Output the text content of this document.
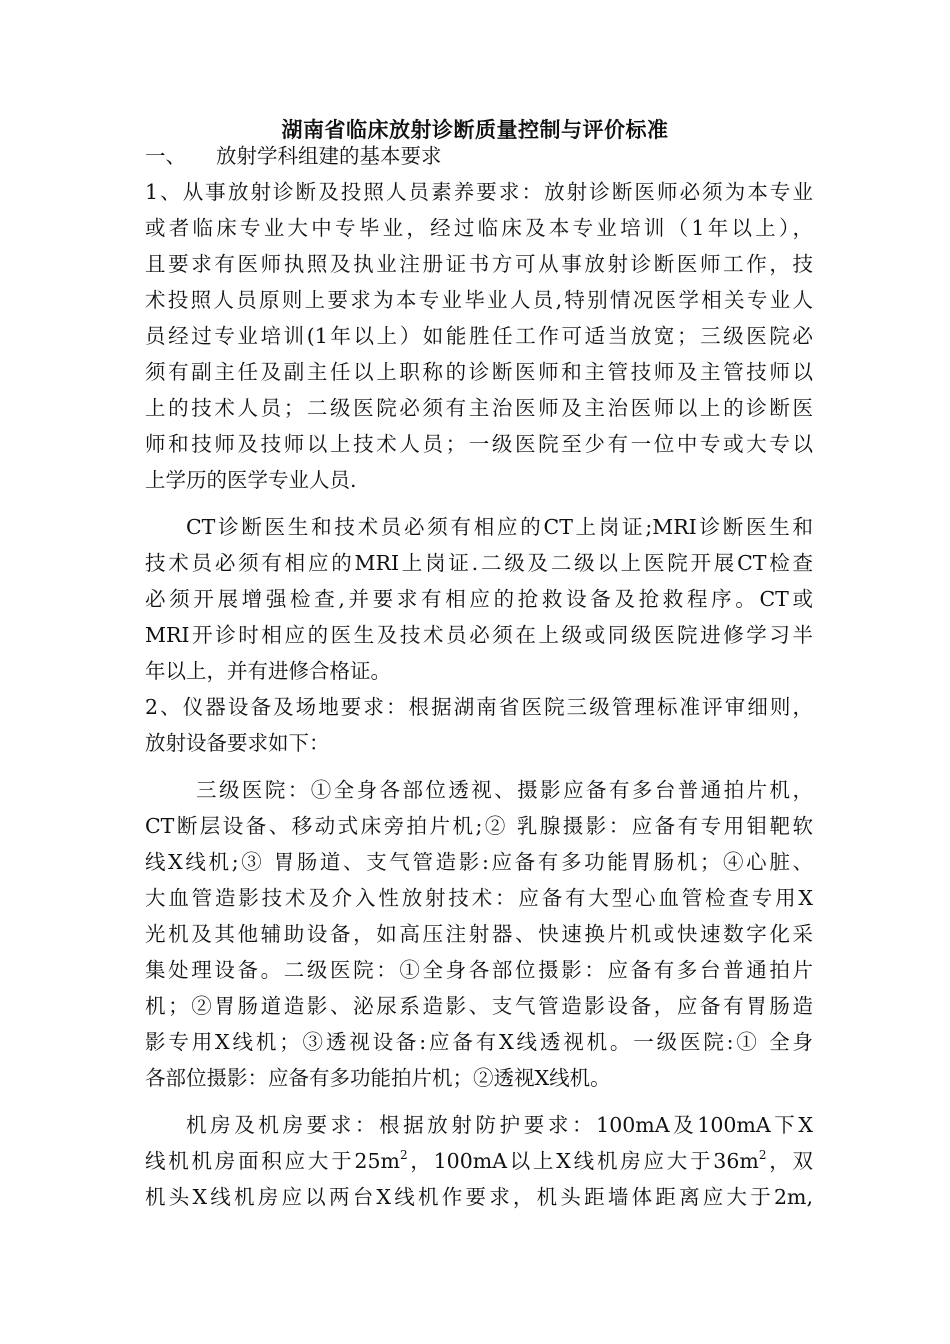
湖南省临床放射诊断质量控制与评价标准
一、 放射学科组建的基本要求
1、从事放射诊断及投照人员素养要求：放射诊断医师必须为本专业
或者临床专业大中专毕业，经过临床及本专业培训（1年以上），
且要求有医师执照及执业注册证书方可从事放射诊断医师工作，技
术投照人员原则上要求为本专业毕业人员,特别情况医学相关专业人
员经过专业培训(1年以上）如能胜任工作可适当放宽；三级医院必
须有副主任及副主任以上职称的诊断医师和主管技师及主管技师以
上的技术人员；二级医院必须有主治医师及主治医师以上的诊断医
师和技师及技师以上技术人员；一级医院至少有一位中专或大专以
上学历的医学专业人员.
CT诊断医生和技术员必须有相应的CT上岗证;MRI诊断医生和
技术员必须有相应的MRI上岗证.二级及二级以上医院开展CT检查
必须开展增强检查,并要求有相应的抢救设备及抢救程序。CT或
MRI开诊时相应的医生及技术员必须在上级或同级医院进修学习半
年以上，并有进修合格证。
2、仪器设备及场地要求：根据湖南省医院三级管理标准评审细则，
放射设备要求如下：
三级医院：①全身各部位透视、摄影应备有多台普通拍片机，
CT断层设备、移动式床旁拍片机;② 乳腺摄影：应备有专用钼靶软
线X线机;③ 胃肠道、支气管造影:应备有多功能胃肠机；④心脏、
大血管造影技术及介入性放射技术：应备有大型心血管检查专用X
光机及其他辅助设备，如高压注射器、快速换片机或快速数字化采
集处理设备。二级医院：①全身各部位摄影：应备有多台普通拍片
机；②胃肠道造影、泌尿系造影、支气管造影设备，应备有胃肠造
影专用X线机；③透视设备:应备有X线透视机。一级医院:① 全身
各部位摄影：应备有多功能拍片机；②透视X线机。
机房及机房要求：根据放射防护要求：100mA及100mA下X
线机机房面积应大于$25m^2$，100mA以上X线机房应大于$36m^2$，双
机头X线机房应以两台X线机作要求，机头距墙体距离应大于2m,
